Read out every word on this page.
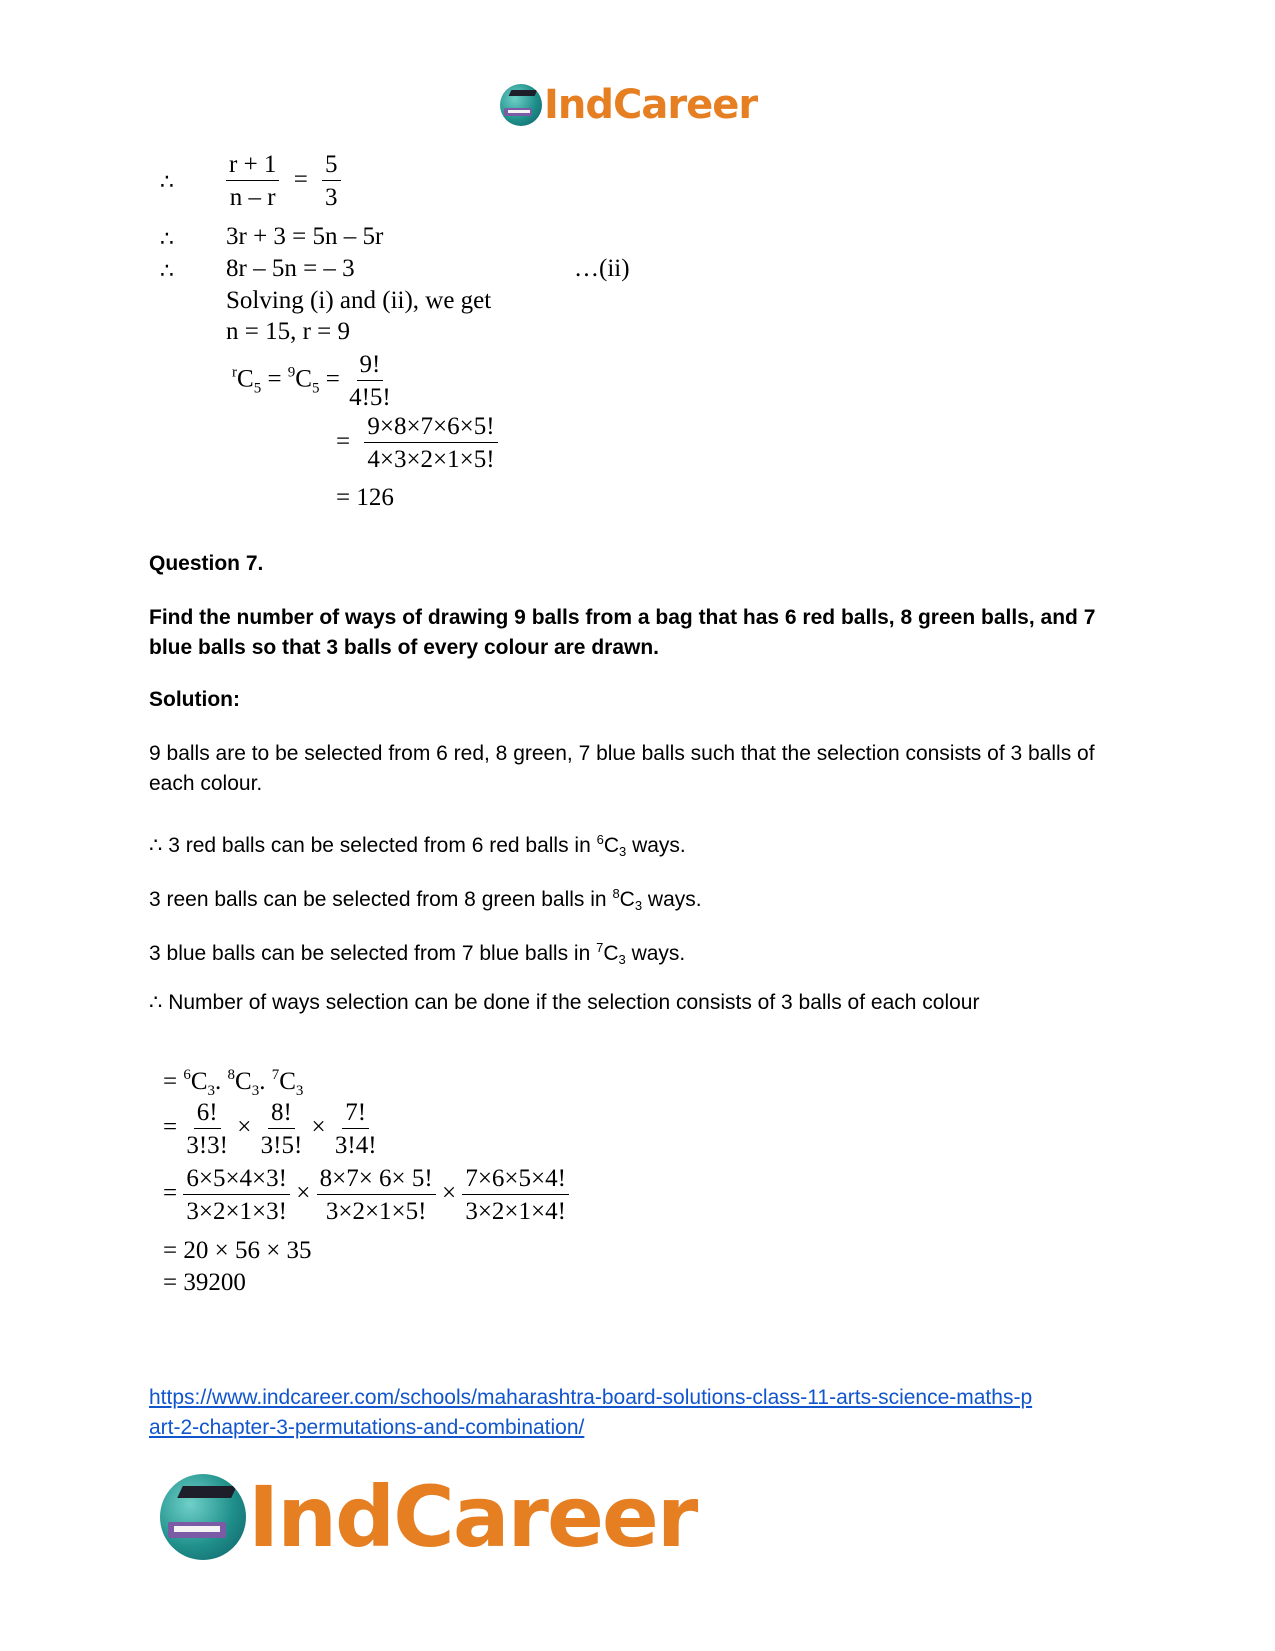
IndCareer
∴ $\frac{r + 1}{n - r} = \frac{5}{3}$
∴ 3r + 3 = 5n – 5r
∴ 8r – 5n = – 3	…(ii)
Solving (i) and (ii), we get
n = 15, r = 9
$^rC_5 = ^9C_5 = \frac{9!}{4!5!}$
= $\frac{9\times 8\times 7\times 6\times 5!}{4\times 3\times 2\times 1\times 5!}$
= 126
Question 7.
Find the number of ways of drawing 9 balls from a bag that has 6 red balls, 8 green balls, and 7 blue balls so that 3 balls of every colour are drawn.
Solution:
9 balls are to be selected from 6 red, 8 green, 7 blue balls such that the selection consists of 3 balls of each colour.
∴ 3 red balls can be selected from 6 red balls in $^6C_3$ ways.
3 reen balls can be selected from 8 green balls in $^8C_3$ ways.
3 blue balls can be selected from 7 blue balls in $^7C_3$ ways.
∴ Number of ways selection can be done if the selection consists of 3 balls of each colour
= $^6C_3$. $^8C_3$. $^7C_3$
= $\frac{6!}{3!3!} \times \frac{8!}{3!5!} \times \frac{7!}{3!4!}$
= $\frac{6\times 5\times 4\times 3!}{3\times 2\times 1\times 3!} \times \frac{8\times 7\times 6\times 5!}{3\times 2\times 1\times 5!} \times \frac{7\times 6\times 5\times 4!}{3\times 2\times 1\times 4!}$
= 20 × 56 × 35
= 39200
https://www.indcareer.com/schools/maharashtra-board-solutions-class-11-arts-science-maths-p
art-2-chapter-3-permutations-and-combination/
IndCareer
